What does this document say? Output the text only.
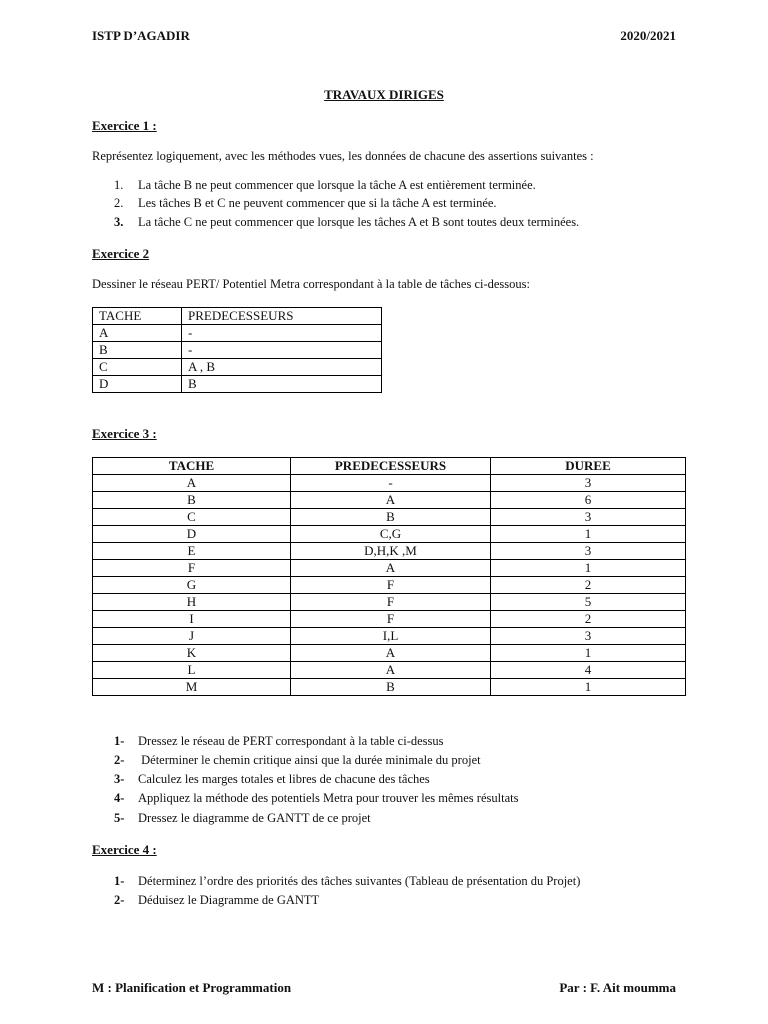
ISTP D’AGADIR	2020/2021
TRAVAUX DIRIGES
Exercice 1 :
Représentez logiquement, avec les méthodes vues, les données de chacune des assertions suivantes :
1. La tâche B ne peut commencer que lorsque la tâche A est entièrement terminée.
2. Les tâches B et C ne peuvent commencer que si la tâche A est terminée.
3. La tâche C ne peut commencer que lorsque les tâches A et B sont toutes deux terminées.
Exercice 2
Dessiner le réseau PERT/ Potentiel Metra correspondant à la table de tâches ci-dessous:
TACHE	PREDECESSEURS
A	-
B	-
C	A , B
D	B
Exercice 3 :
TACHE	PREDECESSEURS	DUREE
A	-	3
B	A	6
C	B	3
D	C,G	1
E	D,H,K ,M	3
F	A	1
G	F	2
H	F	5
I	F	2
J	I,L	3
K	A	1
L	A	4
M	B	1
1- Dressez le réseau de PERT correspondant à la table ci-dessus
2- Déterminer le chemin critique ainsi que la durée minimale du projet
3- Calculez les marges totales et libres de chacune des tâches
4- Appliquez la méthode des potentiels Metra pour trouver les mêmes résultats
5- Dressez le diagramme de GANTT de ce projet
Exercice 4 :
1- Déterminez l’ordre des priorités des tâches suivantes (Tableau de présentation du Projet)
2- Déduisez le Diagramme de GANTT
M : Planification et Programmation	Par : F. Ait moumma
